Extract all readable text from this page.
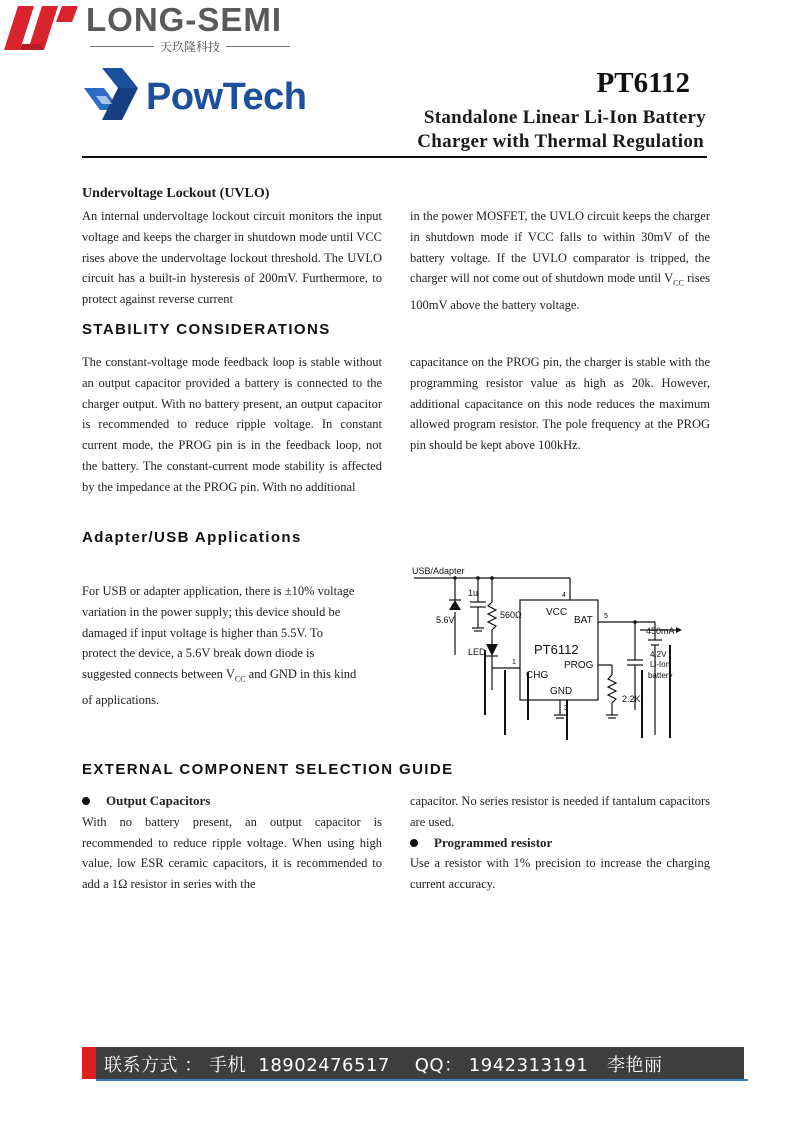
LONG-SEMI
天玖隆科技
PowTech	PT6112
Standalone Linear Li-Ion Battery
Charger with Thermal Regulation
Undervoltage Lockout (UVLO)

An internal undervoltage lockout circuit monitors the input voltage and keeps the charger in shutdown mode until VCC rises above the undervoltage lockout threshold. The UVLO circuit has a built-in hysteresis of 200mV. Furthermore, to protect against reverse current

in the power MOSFET, the UVLO circuit keeps the charger in shutdown mode if VCC falls to within 30mV of the battery voltage. If the UVLO comparator is tripped, the charger will not come out of shutdown mode until $V_{CC}$ rises 100mV above the battery voltage.

STABILITY CONSIDERATIONS

The constant-voltage mode feedback loop is stable without an output capacitor provided a battery is connected to the charger output. With no battery present, an output capacitor is recommended to reduce ripple voltage. In constant current mode, the PROG pin is in the feedback loop, not the battery. The constant-current mode stability is affected by the impedance at the PROG pin. With no additional

capacitance on the PROG pin, the charger is stable with the programming resistor value as high as 20k. However, additional capacitance on this node reduces the maximum allowed program resistor. The pole frequency at the PROG pin should be kept above 100kHz.

Adapter/USB Applications
For USB or adapter application, there is ±10% voltage
variation in the power supply; this device should be
damaged if input voltage is higher than 5.5V. To
protect the device, a 5.6V break down diode is
suggested connects between $V_{CC}$ and GND in this kind
of applications.
USB/Adapter
5.6V
1u
560Ω
LED	PT6112
VCC
BAT
PROG
CHG
GND
4
5
1
3
450mA
4.2V
Li-Ion
battery
2.2K
EXTERNAL COMPONENT SELECTION GUIDE
Output Capacitors

With no battery present, an output capacitor is recommended to reduce ripple voltage. When using high value, low ESR ceramic capacitors, it is recommended to add a 1Ω resistor in series with the

capacitor. No series resistor is needed if tantalum capacitors are used.

Programmed resistor

Use a resistor with 1% precision to increase the charging current accuracy.

联系方式 ： 手机  18902476517    QQ： 1942313191   李艳丽
